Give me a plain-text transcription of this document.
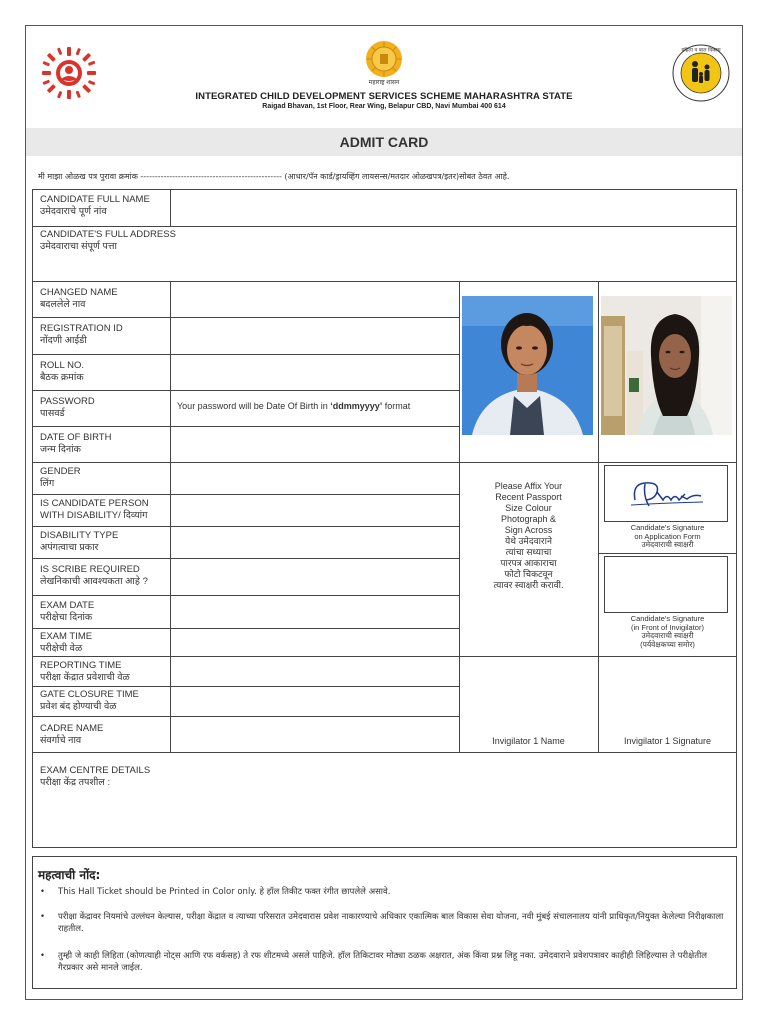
महाराष्ट्र शासन
महिला व बाल विकास
INTEGRATED CHILD DEVELOPMENT SERVICES SCHEME MAHARASHTRA STATE
Raigad Bhavan, 1st Floor, Rear Wing, Belapur CBD, Navi Mumbai 400 614
ADMIT CARD
मी माझा ओळख पत्र पुरावा क्रमांक ------------------------------------------------- (आधार/पॅन कार्ड/ड्रायव्हिंग लायसन्स/मतदार ओळखपत्र/इतर)सोबत ठेवत आहे.
CANDIDATE FULL NAME
उमेदवाराचे पूर्ण नांव
CANDIDATE'S FULL ADDRESS
उमेदवाराचा संपूर्ण पत्ता
CHANGED NAME
बदललेले नाव
REGISTRATION ID
नोंदणी आईडी
ROLL NO.
बैठक क्रमांक
PASSWORD
पासवर्ड
Your password will be Date Of Birth in ‘ddmmyyyy’ format
DATE OF BIRTH
जन्म दिनांक
GENDER
लिंग
IS CANDIDATE PERSON
WITH DISABILITY/ दिव्यांग
DISABILITY TYPE
अपंगत्वाचा प्रकार
IS SCRIBE REQUIRED
लेखनिकाची आवश्यकता आहे ?
EXAM DATE
परीक्षेचा दिनांक
EXAM TIME
परीक्षेची वेळ
REPORTING TIME
परीक्षा केंद्रात प्रवेशाची वेळ
GATE CLOSURE TIME
प्रवेश बंद होण्याची वेळ
CADRE NAME
संवर्गाचे नाव
EXAM CENTRE DETAILS
परीक्षा केंद्र तपशील :
Please Affix Your
Recent Passport
Size Colour
Photograph &
Sign Across
येथे उमेदवाराने
त्यांचा सध्याचा
पारपत्र आकाराचा
फोटो चिकटवून
त्यावर स्वाक्षरी करावी.
Candidate's Signature
on Application Form
उमेदवाराची स्वाक्षरी
Candidate's Signature
(in Front of Invigilator)
उमेदवाराची स्वाक्षरी
(पर्यवेक्षकच्या समोर)
Invigilator 1 Name	Invigilator 1 Signature
महत्वाची नोंद:
• This Hall Ticket should be Printed in Color only. हे हॉल तिकीट फक्त रंगीत छापलेले असावे.
• परीक्षा केंद्रावर नियमांचे उल्लंघन केल्यास, परीक्षा केंद्रात व त्याच्या परिसरात उमेदवारास प्रवेश नाकारण्याचे अधिकार एकात्मिक बाल विकास सेवा योजना, नवी मुंबई संचालनालय यांनी प्राधिकृत/नियुक्त केलेल्या निरीक्षकाला राहतील.
• तुम्ही जे काही लिहिता (कोणत्याही नोट्स आणि रफ वर्कसह) ते रफ शीटमध्ये असले पाहिजे. हॉल तिकिटावर मोठ्या ठळक अक्षरात, अंक किंवा प्रश्न लिहू नका. उमेदवाराने प्रवेशपत्रावर काहीही लिहिल्यास ते परीक्षेतील गैरप्रकार असे मानले जाईल.
